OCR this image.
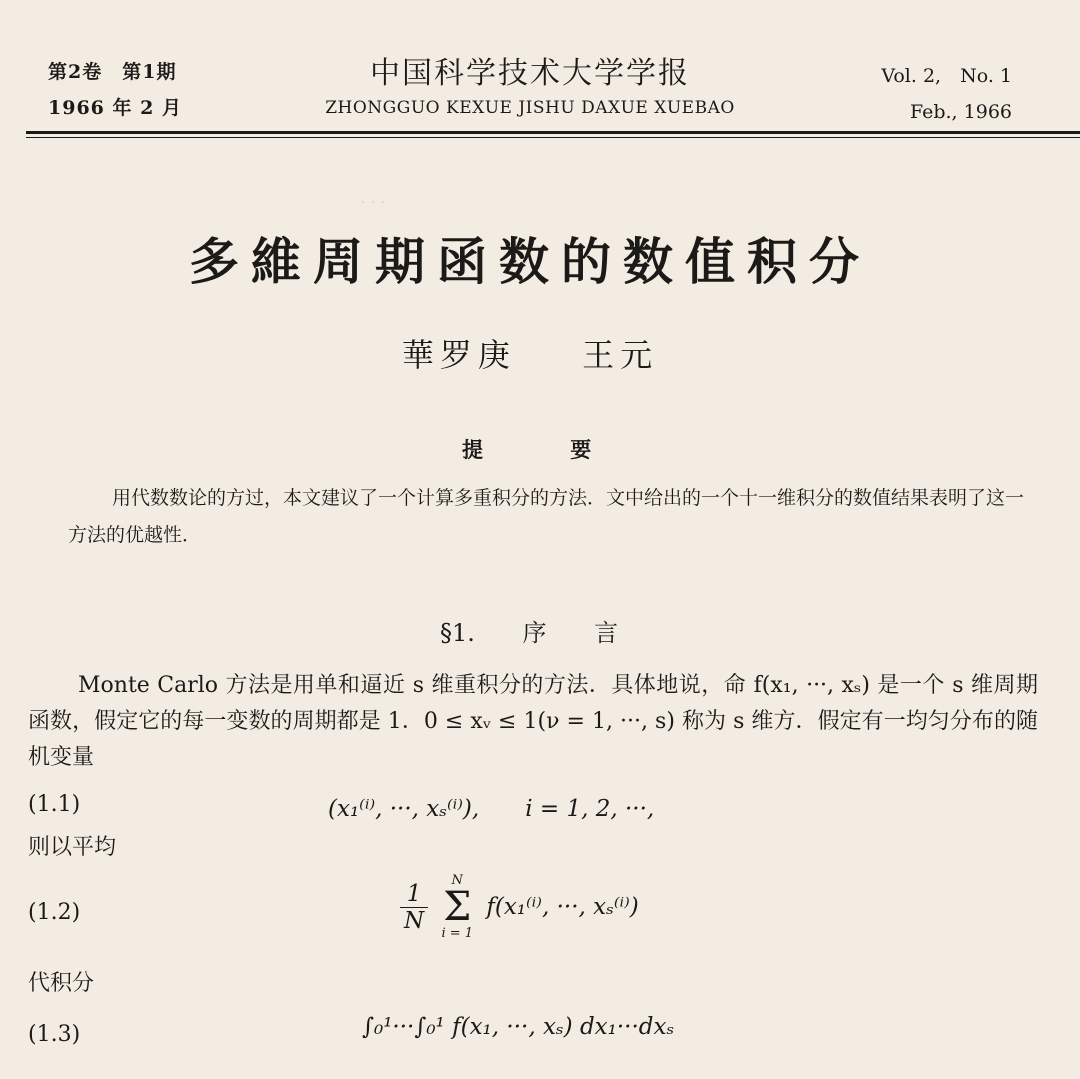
．．．
第2卷　第1期
1966 年 2 月
中国科学技术大学学报
ZHONGGUO KEXUE JISHU DAXUE XUEBAO
Vol. 2,　No. 1
Feb., 1966
多維周期函数的数值积分
華罗庚 王元
提 要
用代数数论的方过，本文建议了一个计算多重积分的方法．文中给出的一个十一维积分的数值结果表明了这一方法的优越性．
§1. 序 言
Monte Carlo 方法是用单和逼近 s 维重积分的方法．具体地说，命 f(x₁, ···, xₛ) 是一个 s 维周期函数，假定它的每一变数的周期都是 1．0 ≤ xᵥ ≤ 1(ν = 1, ···, s) 称为 s 维方．假定有一均匀分布的随机变量
(1.1)	(x₁⁽ⁱ⁾, ···, xₛ⁽ⁱ⁾),　　i = 1, 2, ···,
则以平均
(1.2)	$\frac{1}{N}$
	N
Σ
i = 1
f(x₁⁽ⁱ⁾, ···, xₛ⁽ⁱ⁾)
代积分
(1.3)	∫₀¹···∫₀¹ f(x₁, ···, xₛ) dx₁···dxₛ
